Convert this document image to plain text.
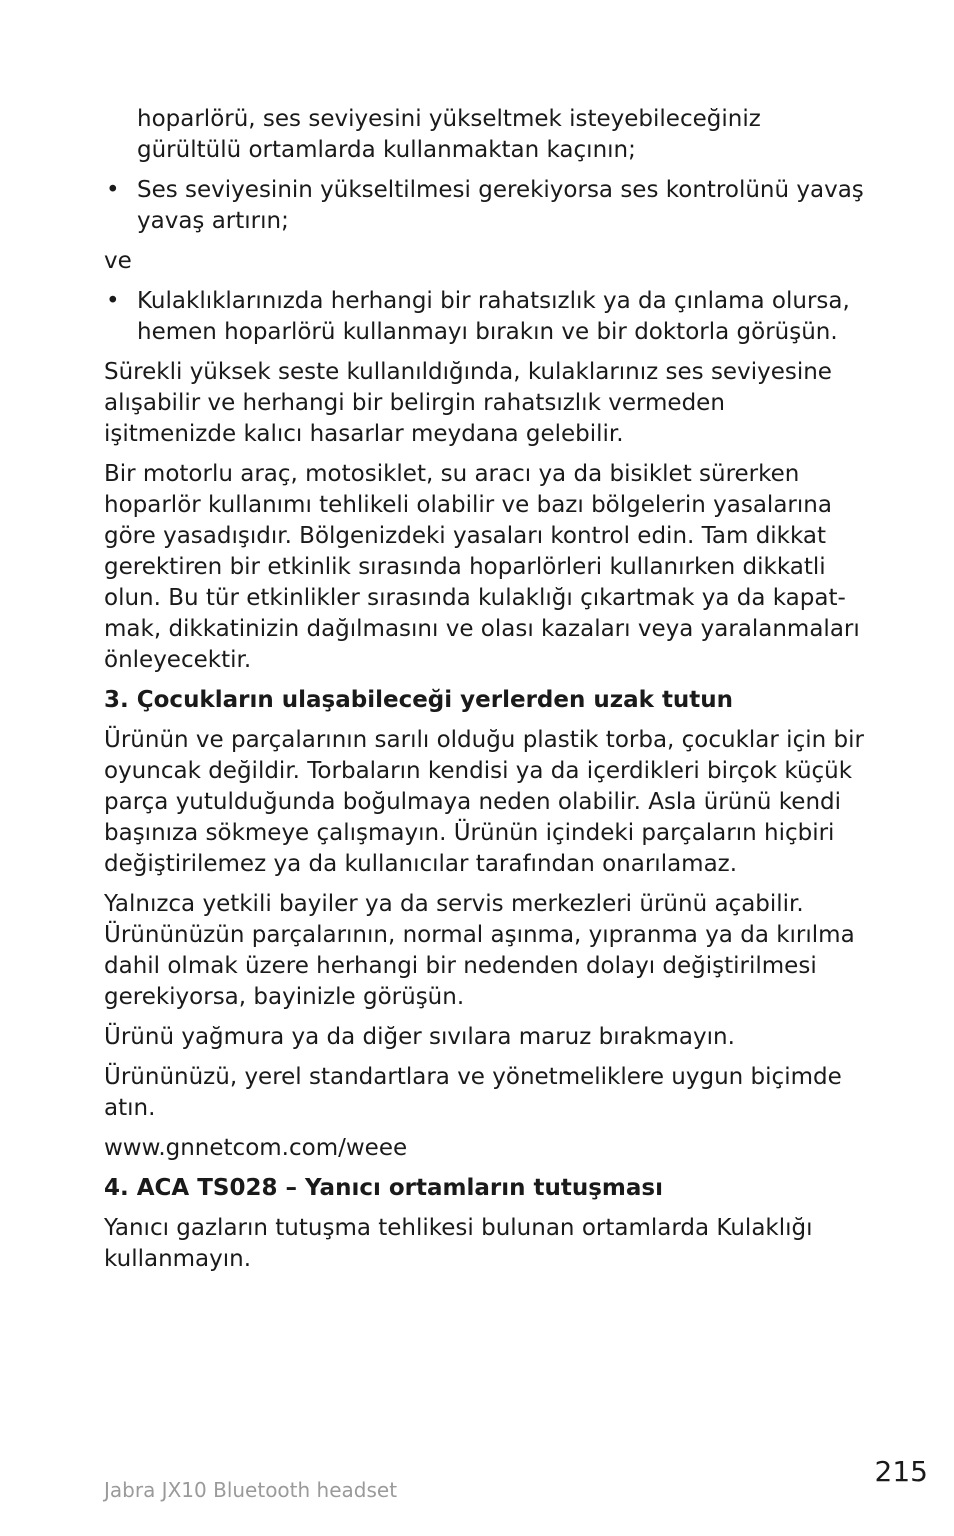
hoparlörü, ses seviyesini yükseltmek isteyebileceğiniz gürültülü ortamlarda kullanmaktan kaçının;

• Ses seviyesinin yükseltilmesi gerekiyorsa ses kontrolünü yavaş yavaş artırın;

ve

• Kulaklıklarınızda herhangi bir rahatsızlık ya da çınlama olursa, hemen hoparlörü kullanmayı bırakın ve bir doktorla görüşün.

Sürekli yüksek seste kullanıldığında, kulaklarınız ses seviyesine alışabilir ve herhangi bir belirgin rahatsızlık vermeden işitmenizde kalıcı hasarlar meydana gelebilir.

Bir motorlu araç, motosiklet, su aracı ya da bisiklet sürerken hoparlör kullanımı tehlikeli olabilir ve bazı bölgelerin yasalarına göre yasadışıdır. Bölgenizdeki yasaları kontrol edin. Tam dikkat gerektiren bir etkinlik sırasında hoparlörleri kullanırken dikkatli olun. Bu tür etkinlikler sırasında kulaklığı çıkartmak ya da kapat-mak, dikkatinizin dağılmasını ve olası kazaları veya yaralanmaları önleyecektir.

3. Çocukların ulaşabileceği yerlerden uzak tutun

Ürünün ve parçalarının sarılı olduğu plastik torba, çocuklar için bir oyuncak değildir. Torbaların kendisi ya da içerdikleri birçok küçük parça yutulduğunda boğulmaya neden olabilir. Asla ürünü kendi başınıza sökmeye çalışmayın. Ürünün içindeki parçaların hiçbiri değiştirilemez ya da kullanıcılar tarafından onarılamaz.

Yalnızca yetkili bayiler ya da servis merkezleri ürünü açabilir. Ürününüzün parçalarının, normal aşınma, yıpranma ya da kırılma dahil olmak üzere herhangi bir nedenden dolayı değiştirilmesi gerekiyorsa, bayinizle görüşün.

Ürünü yağmura ya da diğer sıvılara maruz bırakmayın.

Ürününüzü, yerel standartlara ve yönetmeliklere uygun biçimde atın.

www.gnnetcom.com/weee

4. ACA TS028 – Yanıcı ortamların tutuşması

Yanıcı gazların tutuşma tehlikesi bulunan ortamlarda Kulaklığı kullanmayın.

Jabra JX10 Bluetooth headset
215
